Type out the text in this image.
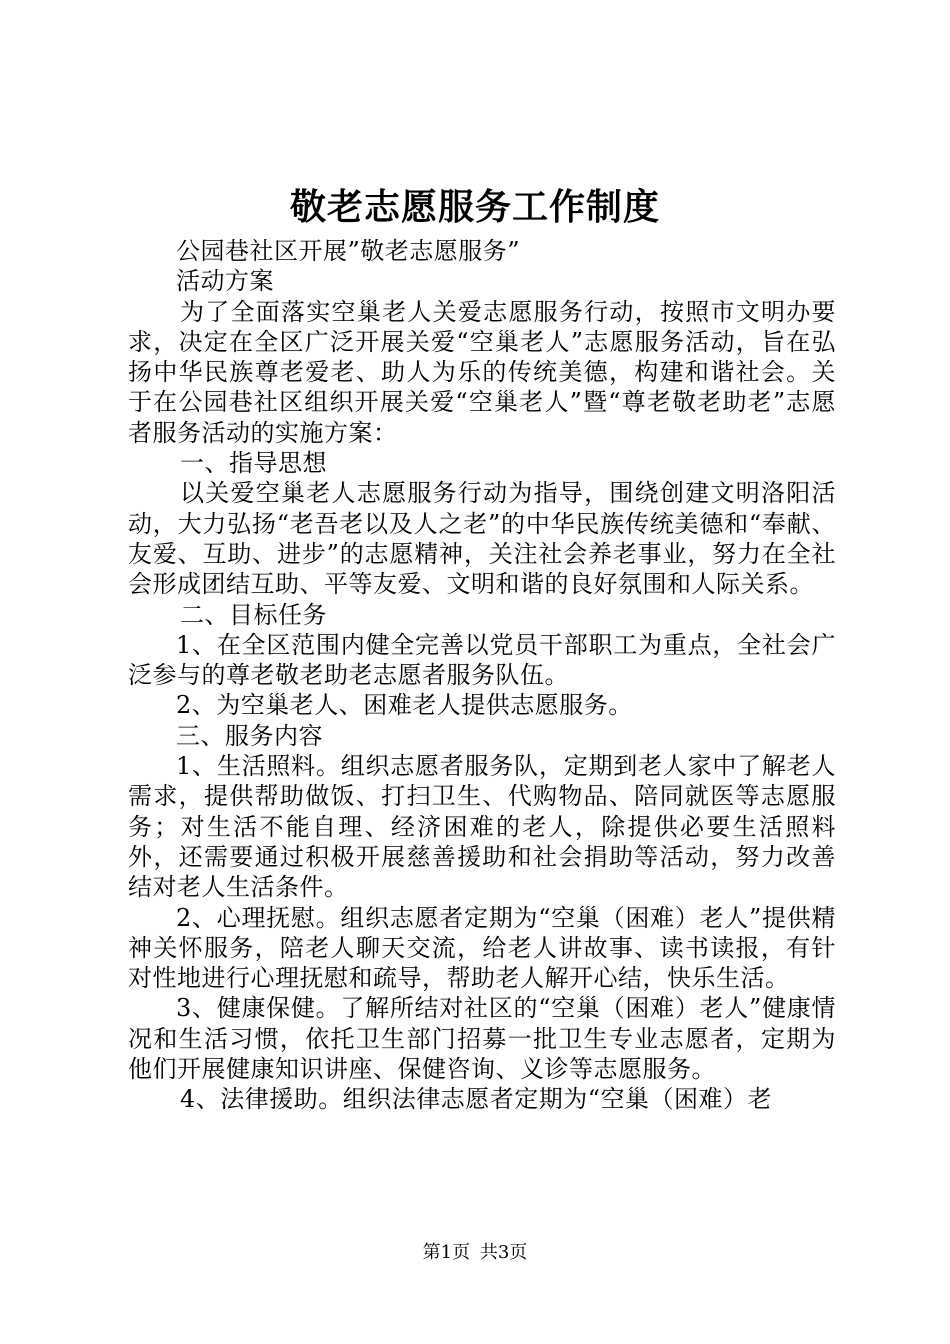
敬老志愿服务工作制度

公园巷社区开展”敬老志愿服务”

活动方案

为了全面落实空巢老人关爱志愿服务行动，按照市文明办要求，决定在全区广泛开展关爱“空巢老人”志愿服务活动，旨在弘扬中华民族尊老爱老、助人为乐的传统美德，构建和谐社会。关于在公园巷社区组织开展关爱“空巢老人”暨“尊老敬老助老”志愿者服务活动的实施方案：

一、指导思想

以关爱空巢老人志愿服务行动为指导，围绕创建文明洛阳活动，大力弘扬“老吾老以及人之老”的中华民族传统美德和“奉献、友爱、互助、进步”的志愿精神，关注社会养老事业，努力在全社会形成团结互助、平等友爱、文明和谐的良好氛围和人际关系。

二、目标任务

1、在全区范围内健全完善以党员干部职工为重点，全社会广泛参与的尊老敬老助老志愿者服务队伍。

2、为空巢老人、困难老人提供志愿服务。

三、服务内容

1、生活照料。组织志愿者服务队，定期到老人家中了解老人需求，提供帮助做饭、打扫卫生、代购物品、陪同就医等志愿服务；对生活不能自理、经济困难的老人，除提供必要生活照料外，还需要通过积极开展慈善援助和社会捐助等活动，努力改善结对老人生活条件。

2、心理抚慰。组织志愿者定期为“空巢（困难）老人”提供精神关怀服务，陪老人聊天交流，给老人讲故事、读书读报，有针对性地进行心理抚慰和疏导，帮助老人解开心结，快乐生活。

3、健康保健。了解所结对社区的“空巢（困难）老人”健康情况和生活习惯，依托卫生部门招募一批卫生专业志愿者，定期为他们开展健康知识讲座、保健咨询、义诊等志愿服务。

4、法律援助。组织法律志愿者定期为“空巢（困难）老

第1页 共3页
